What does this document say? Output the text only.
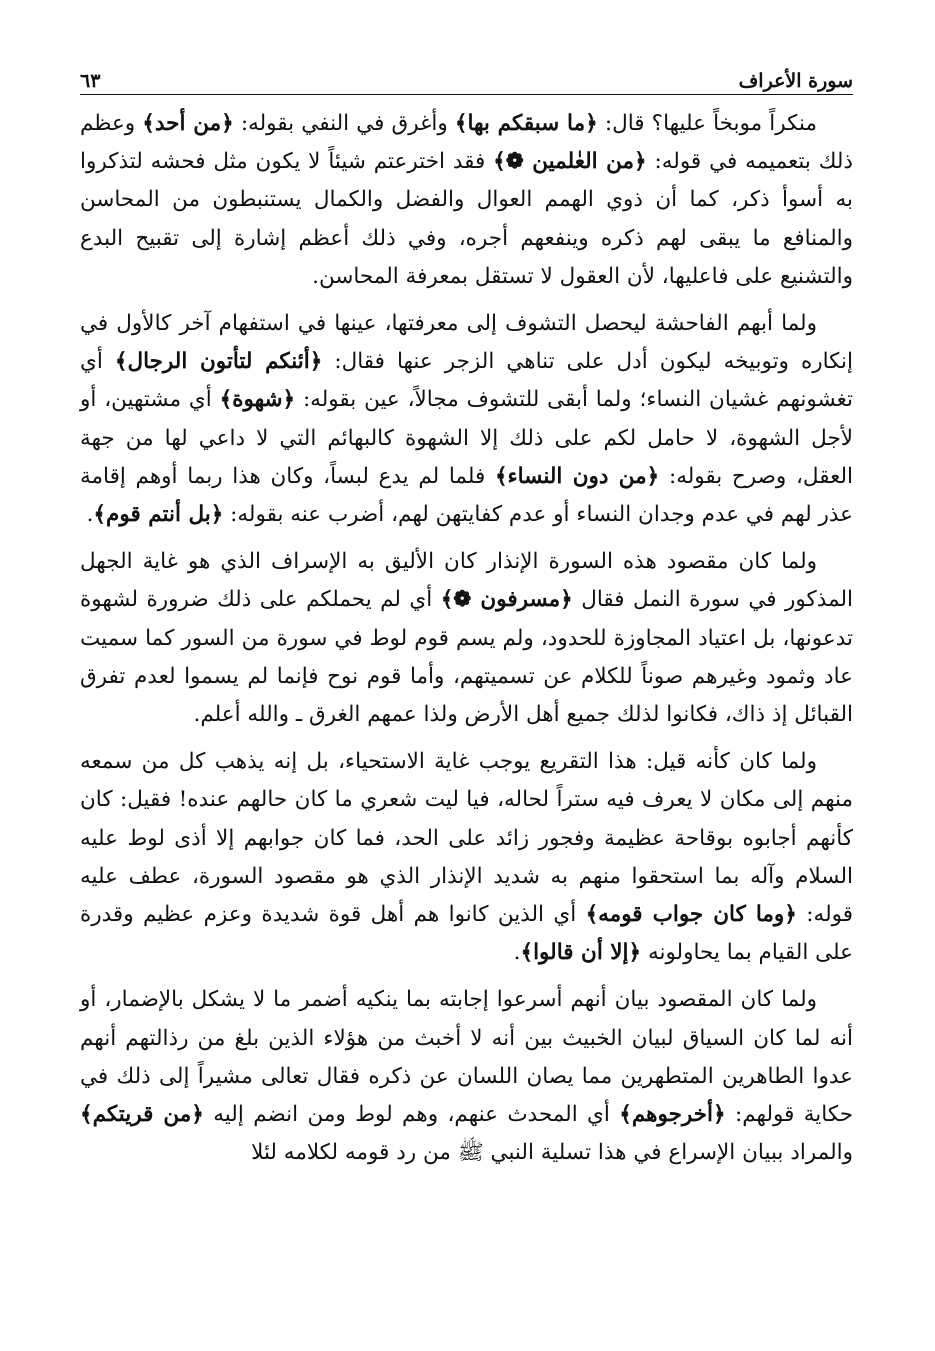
سورة الأعراف
٦٣

منكراً موبخاً عليها؟ قال: ﴿ما سبقكم بها﴾ وأغرق في النفي بقوله: ﴿من أحد﴾ وعظم ذلك بتعميمه في قوله: ﴿من العٰلمين ❁﴾ فقد اخترعتم شيئاً لا يكون مثل فحشه لتذكروا به أسوأ ذكر، كما أن ذوي الهمم العوال والفضل والكمال يستنبطون من المحاسن والمنافع ما يبقى لهم ذكره وينفعهم أجره، وفي ذلك أعظم إشارة إلى تقبيح البدع والتشنيع على فاعليها، لأن العقول لا تستقل بمعرفة المحاسن.

ولما أبهم الفاحشة ليحصل التشوف إلى معرفتها، عينها في استفهام آخر كالأول في إنكاره وتوبيخه ليكون أدل على تناهي الزجر عنها فقال: ﴿أئنكم لتأتون الرجال﴾ أي تغشونهم غشيان النساء؛ ولما أبقى للتشوف مجالاً، عين بقوله: ﴿شهوة﴾ أي مشتهين، أو لأجل الشهوة، لا حامل لكم على ذلك إلا الشهوة كالبهائم التي لا داعي لها من جهة العقل، وصرح بقوله: ﴿من دون النساء﴾ فلما لم يدع لبساً، وكان هذا ربما أوهم إقامة عذر لهم في عدم وجدان النساء أو عدم كفايتهن لهم، أضرب عنه بقوله: ﴿بل أنتم قوم﴾.

ولما كان مقصود هذه السورة الإنذار كان الأليق به الإسراف الذي هو غاية الجهل المذكور في سورة النمل فقال ﴿مسرفون ❁﴾ أي لم يحملكم على ذلك ضرورة لشهوة تدعونها، بل اعتياد المجاوزة للحدود، ولم يسم قوم لوط في سورة من السور كما سميت عاد وثمود وغيرهم صوناً للكلام عن تسميتهم، وأما قوم نوح فإنما لم يسموا لعدم تفرق القبائل إذ ذاك، فكانوا لذلك جميع أهل الأرض ولذا عمهم الغرق ـ والله أعلم.

ولما كان كأنه قيل: هذا التقريع يوجب غاية الاستحياء، بل إنه يذهب كل من سمعه منهم إلى مكان لا يعرف فيه ستراً لحاله، فيا ليت شعري ما كان حالهم عنده! فقيل: كان كأنهم أجابوه بوقاحة عظيمة وفجور زائد على الحد، فما كان جوابهم إلا أذى لوط عليه السلام وآله بما استحقوا منهم به شديد الإنذار الذي هو مقصود السورة، عطف عليه قوله: ﴿وما كان جواب قومه﴾ أي الذين كانوا هم أهل قوة شديدة وعزم عظيم وقدرة على القيام بما يحاولونه ﴿إلا أن قالوا﴾.

ولما كان المقصود بيان أنهم أسرعوا إجابته بما ينكيه أضمر ما لا يشكل بالإضمار، أو أنه لما كان السياق لبيان الخبيث بين أنه لا أخبث من هؤلاء الذين بلغ من رذالتهم أنهم عدوا الطاهرين المتطهرين مما يصان اللسان عن ذكره فقال تعالى مشيراً إلى ذلك في حكاية قولهم: ﴿أخرجوهم﴾ أي المحدث عنهم، وهم لوط ومن انضم إليه ﴿من قريتكم﴾ والمراد ببيان الإسراع في هذا تسلية النبي ﷺ من رد قومه لكلامه لئلا
